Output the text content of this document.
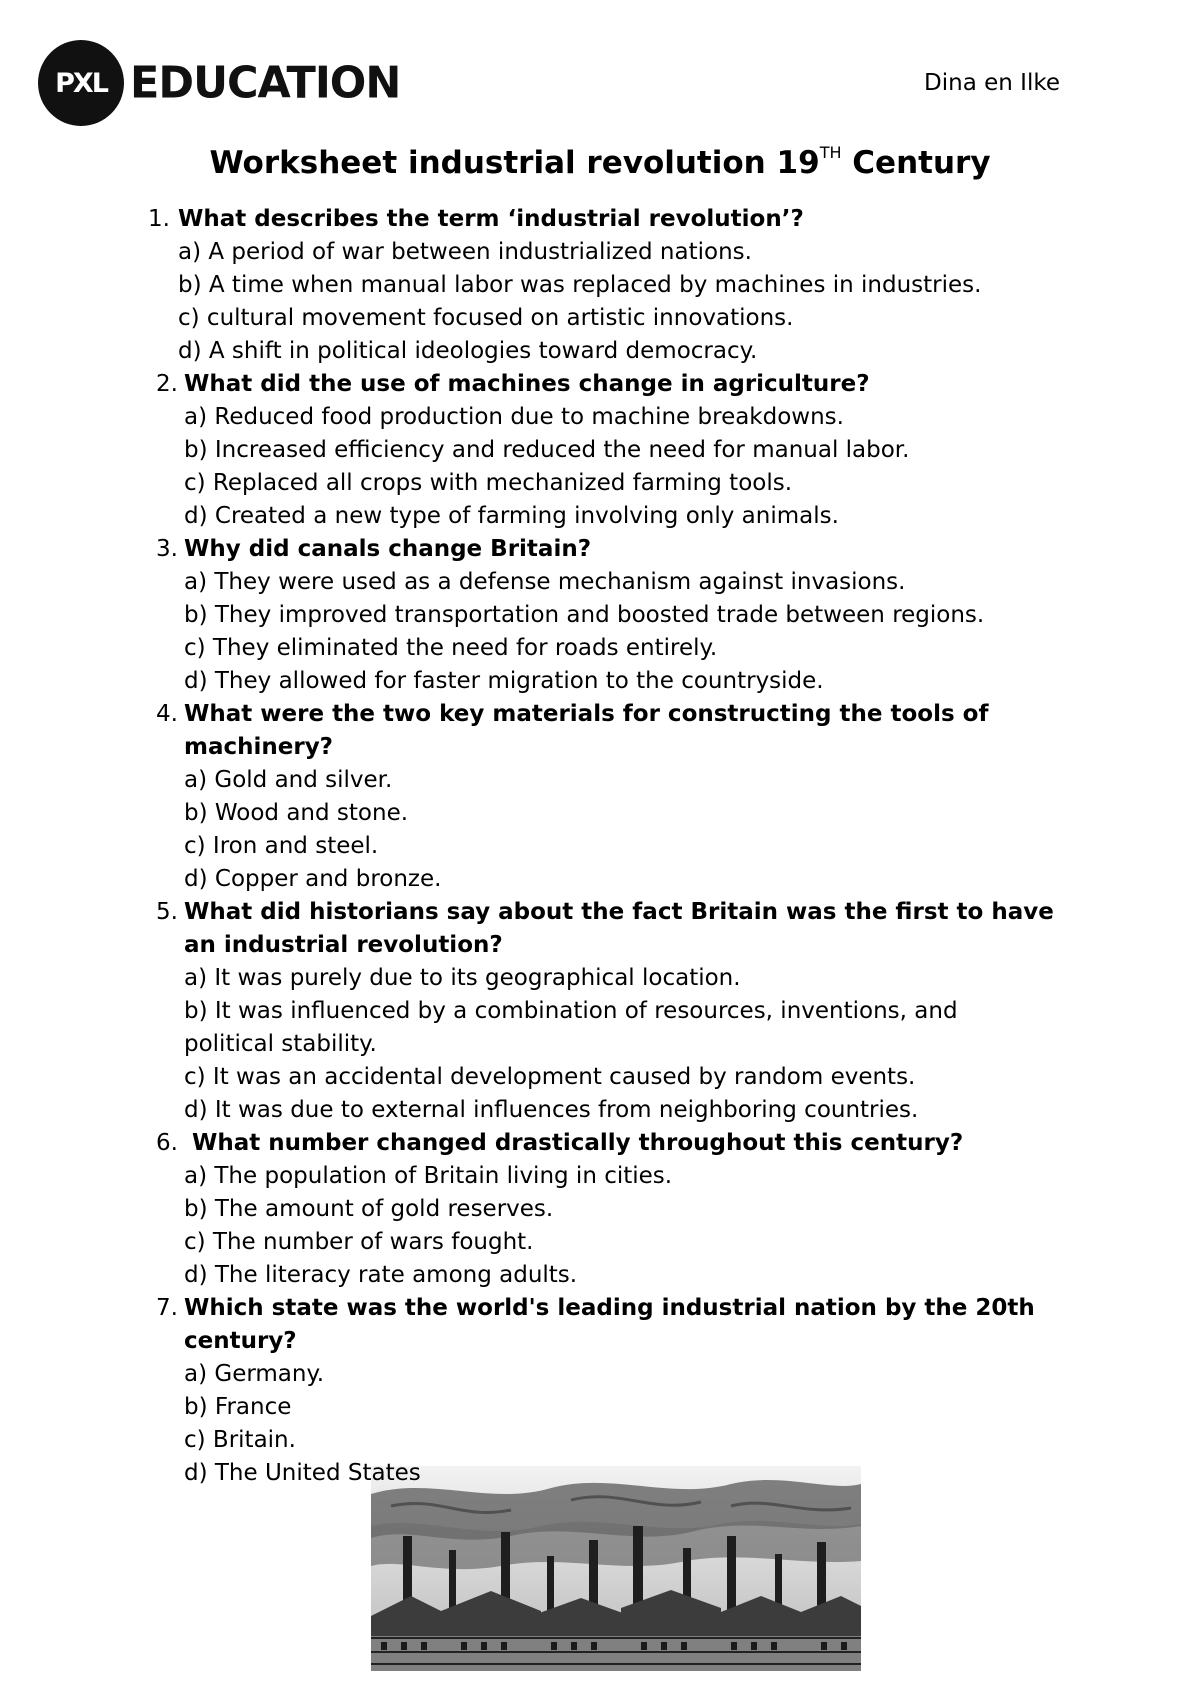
PXL EDUCATION	Dina en Ilke
Worksheet industrial revolution 19TH Century
1. What describes the term ‘industrial revolution’?
a) A period of war between industrialized nations.
b) A time when manual labor was replaced by machines in industries.
c) cultural movement focused on artistic innovations.
d) A shift in political ideologies toward democracy.
2. What did the use of machines change in agriculture?
a) Reduced food production due to machine breakdowns.
b) Increased efficiency and reduced the need for manual labor.
c) Replaced all crops with mechanized farming tools.
d) Created a new type of farming involving only animals.
3. Why did canals change Britain?
a) They were used as a defense mechanism against invasions.
b) They improved transportation and boosted trade between regions.
c) They eliminated the need for roads entirely.
d) They allowed for faster migration to the countryside.
4. What were the two key materials for constructing the tools of machinery?
a) Gold and silver.
b) Wood and stone.
c) Iron and steel.
d) Copper and bronze.
5. What did historians say about the fact Britain was the first to have an industrial revolution?
a) It was purely due to its geographical location.
b) It was influenced by a combination of resources, inventions, and political stability.
c) It was an accidental development caused by random events.
d) It was due to external influences from neighboring countries.
6. What number changed drastically throughout this century?
a) The population of Britain living in cities.
b) The amount of gold reserves.
c) The number of wars fought.
d) The literacy rate among adults.
7. Which state was the world's leading industrial nation by the 20th century?
a) Germany.
b) France
c) Britain.
d) The United States
